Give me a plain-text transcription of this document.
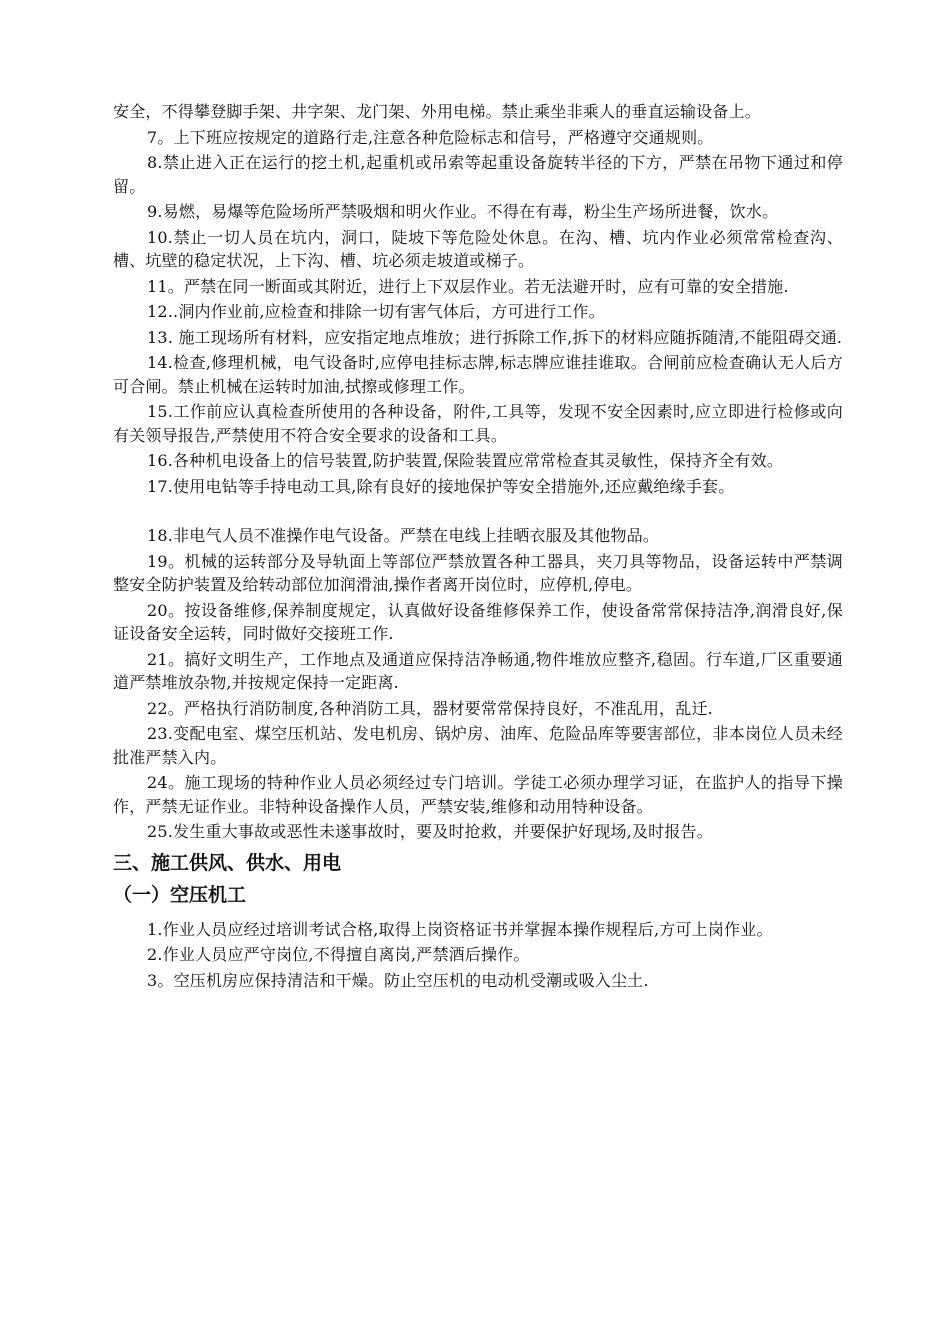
安全，不得攀登脚手架、井字架、龙门架、外用电梯。禁止乘坐非乘人的垂直运输设备上。

7。上下班应按规定的道路行走,注意各种危险标志和信号，严格遵守交通规则。

8.禁止进入正在运行的挖土机,起重机或吊索等起重设备旋转半径的下方，严禁在吊物下通过和停留。

9.易燃，易爆等危险场所严禁吸烟和明火作业。不得在有毒，粉尘生产场所进餐，饮水。

10.禁止一切人员在坑内，洞口，陡坡下等危险处休息。在沟、槽、坑内作业必须常常检查沟、槽、坑壁的稳定状况，上下沟、槽、坑必须走坡道或梯子。

11。严禁在同一断面或其附近，进行上下双层作业。若无法避开时，应有可靠的安全措施.

12..洞内作业前,应检查和排除一切有害气体后，方可进行工作。

13. 施工现场所有材料，应安指定地点堆放；进行拆除工作,拆下的材料应随拆随清,不能阻碍交通.

14.检查,修理机械，电气设备时,应停电挂标志牌,标志牌应谁挂谁取。合闸前应检查确认无人后方可合闸。禁止机械在运转时加油,拭擦或修理工作。

15.工作前应认真检查所使用的各种设备，附件,工具等，发现不安全因素时,应立即进行检修或向有关领导报告,严禁使用不符合安全要求的设备和工具。

16.各种机电设备上的信号装置,防护装置,保险装置应常常检查其灵敏性，保持齐全有效。

17.使用电钻等手持电动工具,除有良好的接地保护等安全措施外,还应戴绝缘手套。

18.非电气人员不准操作电气设备。严禁在电线上挂晒衣服及其他物品。

19。机械的运转部分及导轨面上等部位严禁放置各种工器具，夹刀具等物品，设备运转中严禁调整安全防护装置及给转动部位加润滑油,操作者离开岗位时，应停机,停电。

20。按设备维修,保养制度规定，认真做好设备维修保养工作，使设备常常保持洁净,润滑良好,保证设备安全运转，同时做好交接班工作.

21。搞好文明生产，工作地点及通道应保持洁净畅通,物件堆放应整齐,稳固。行车道,厂区重要通道严禁堆放杂物,并按规定保持一定距离.

22。严格执行消防制度,各种消防工具，器材要常常保持良好，不准乱用，乱迁.

23.变配电室、煤空压机站、发电机房、锅炉房、油库、危险品库等要害部位，非本岗位人员未经批准严禁入内。

24。施工现场的特种作业人员必须经过专门培训。学徒工必须办理学习证，在监护人的指导下操作，严禁无证作业。非特种设备操作人员，严禁安装,维修和动用特种设备。

25.发生重大事故或恶性未遂事故时，要及时抢救，并要保护好现场,及时报告。

三、施工供风、供水、用电
（一）空压机工

1.作业人员应经过培训考试合格,取得上岗资格证书并掌握本操作规程后,方可上岗作业。

2.作业人员应严守岗位,不得擅自离岗,严禁酒后操作。

3。空压机房应保持清洁和干燥。防止空压机的电动机受潮或吸入尘土.
